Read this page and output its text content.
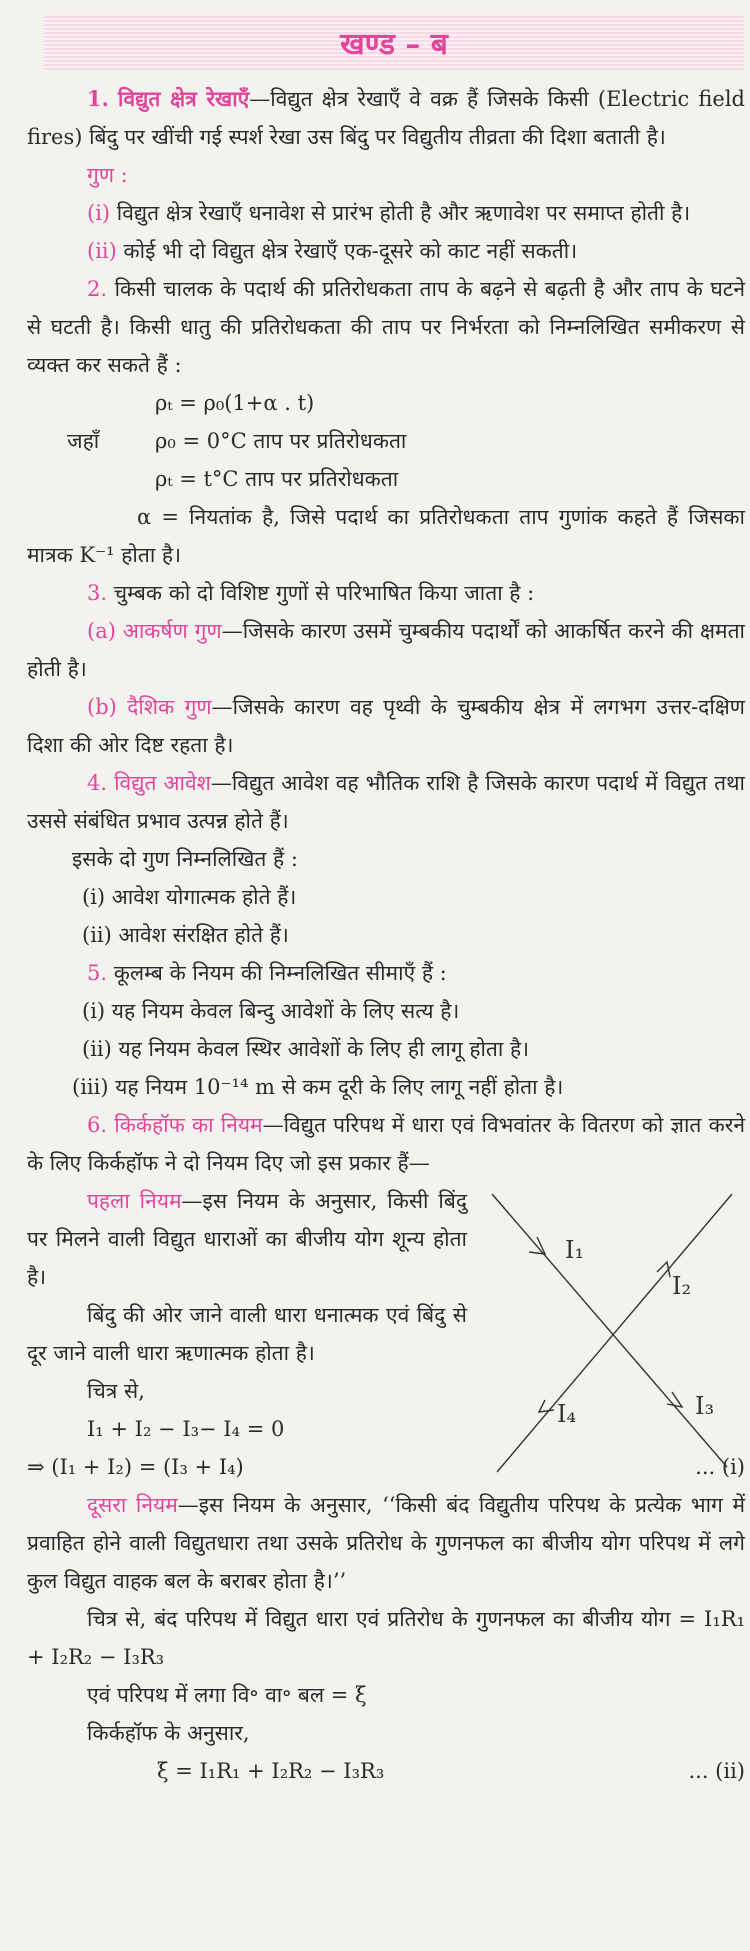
खण्ड – ब

1. विद्युत क्षेत्र रेखाएँ—विद्युत क्षेत्र रेखाएँ वे वक्र हैं जिसके किसी (Electric field fires) बिंदु पर खींची गई स्पर्श रेखा उस बिंदु पर विद्युतीय तीव्रता की दिशा बताती है।

गुण :

(i) विद्युत क्षेत्र रेखाएँ धनावेश से प्रारंभ होती है और ऋणावेश पर समाप्त होती है।

(ii) कोई भी दो विद्युत क्षेत्र रेखाएँ एक-दूसरे को काट नहीं सकती।

2. किसी चालक के पदार्थ की प्रतिरोधकता ताप के बढ़ने से बढ़ती है और ताप के घटने से घटती है। किसी धातु की प्रतिरोधकता की ताप पर निर्भरता को निम्नलिखित समीकरण से व्यक्त कर सकते हैं :

ρₜ = ρ₀(1+α . t)

जहाँ	ρ₀ = 0°C ताप पर प्रतिरोधकता

ρₜ = t°C ताप पर प्रतिरोधकता

α = नियतांक है, जिसे पदार्थ का प्रतिरोधकता ताप गुणांक कहते हैं जिसका मात्रक K⁻¹ होता है।

3. चुम्बक को दो विशिष्ट गुणों से परिभाषित किया जाता है :

(a) आकर्षण गुण—जिसके कारण उसमें चुम्बकीय पदार्थों को आकर्षित करने की क्षमता होती है।

(b) दैशिक गुण—जिसके कारण वह पृथ्वी के चुम्बकीय क्षेत्र में लगभग उत्तर-दक्षिण दिशा की ओर दिष्ट रहता है।

4. विद्युत आवेश—विद्युत आवेश वह भौतिक राशि है जिसके कारण पदार्थ में विद्युत तथा उससे संबंधित प्रभाव उत्पन्न होते हैं।

इसके दो गुण निम्नलिखित हैं :

(i) आवेश योगात्मक होते हैं।

(ii) आवेश संरक्षित होते हैं।

5. कूलम्ब के नियम की निम्नलिखित सीमाएँ हैं :

(i) यह नियम केवल बिन्दु आवेशों के लिए सत्य है।

(ii) यह नियम केवल स्थिर आवेशों के लिए ही लागू होता है।

(iii) यह नियम 10⁻¹⁴ m से कम दूरी के लिए लागू नहीं होता है।

6. किर्कहॉफ का नियम—विद्युत परिपथ में धारा एवं विभवांतर के वितरण को ज्ञात करने के लिए किर्कहॉफ ने दो नियम दिए जो इस प्रकार हैं—

पहला नियम—इस नियम के अनुसार, किसी बिंदु पर मिलने वाली विद्युत धाराओं का बीजीय योग शून्य होता है।

बिंदु की ओर जाने वाली धारा धनात्मक एवं बिंदु से दूर जाने वाली धारा ऋणात्मक होता है।

चित्र से,

I₁ + I₂ − I₃− I₄ = 0

I₁
I₂
I₃
I₄

⇒ (I₁ + I₂) = (I₃ + I₄)	... (i)

दूसरा नियम—इस नियम के अनुसार, ‘‘किसी बंद विद्युतीय परिपथ के प्रत्येक भाग में प्रवाहित होने वाली विद्युतधारा तथा उसके प्रतिरोध के गुणनफल का बीजीय योग परिपथ में लगे कुल विद्युत वाहक बल के बराबर होता है।’’

चित्र से, बंद परिपथ में विद्युत धारा एवं प्रतिरोध के गुणनफल का बीजीय योग = I₁R₁ + I₂R₂ − I₃R₃

एवं परिपथ में लगा वि॰ वा॰ बल = ξ

किर्कहॉफ के अनुसार,

ξ = I₁R₁ + I₂R₂ − I₃R₃	... (ii)
